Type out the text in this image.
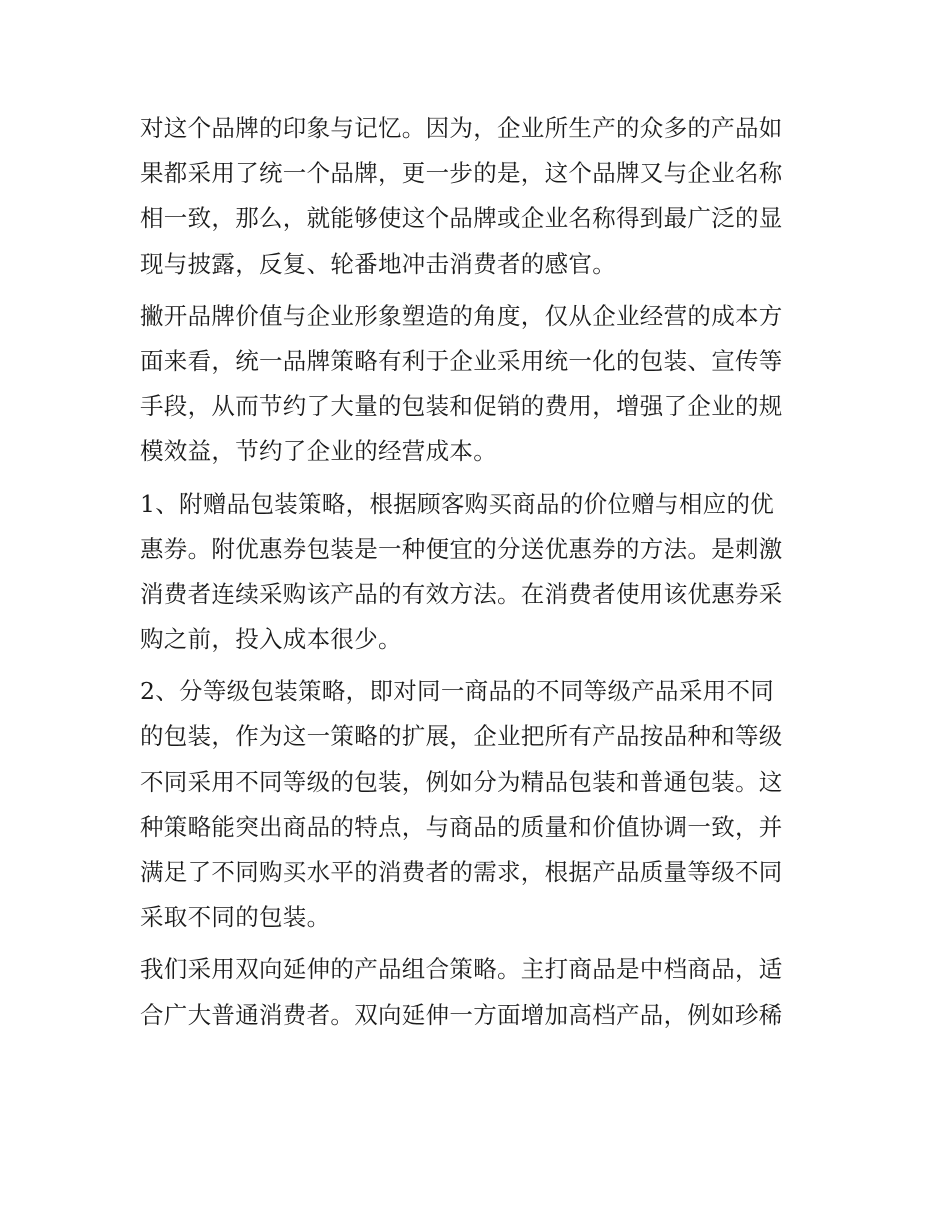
对这个品牌的印象与记忆。因为，企业所生产的众多的产品如
果都采用了统一个品牌，更一步的是，这个品牌又与企业名称
相一致，那么，就能够使这个品牌或企业名称得到最广泛的显
现与披露，反复、轮番地冲击消费者的感官。
撇开品牌价值与企业形象塑造的角度，仅从企业经营的成本方
面来看，统一品牌策略有利于企业采用统一化的包装、宣传等
手段，从而节约了大量的包装和促销的费用，增强了企业的规
模效益，节约了企业的经营成本。
1、附赠品包装策略，根据顾客购买商品的价位赠与相应的优
惠券。附优惠券包装是一种便宜的分送优惠券的方法。是刺激
消费者连续采购该产品的有效方法。在消费者使用该优惠券采
购之前，投入成本很少。
2、分等级包装策略，即对同一商品的不同等级产品采用不同
的包装，作为这一策略的扩展，企业把所有产品按品种和等级
不同采用不同等级的包装，例如分为精品包装和普通包装。这
种策略能突出商品的特点，与商品的质量和价值协调一致，并
满足了不同购买水平的消费者的需求，根据产品质量等级不同
采取不同的包装。
我们采用双向延伸的产品组合策略。主打商品是中档商品，适
合广大普通消费者。双向延伸一方面增加高档产品，例如珍稀
